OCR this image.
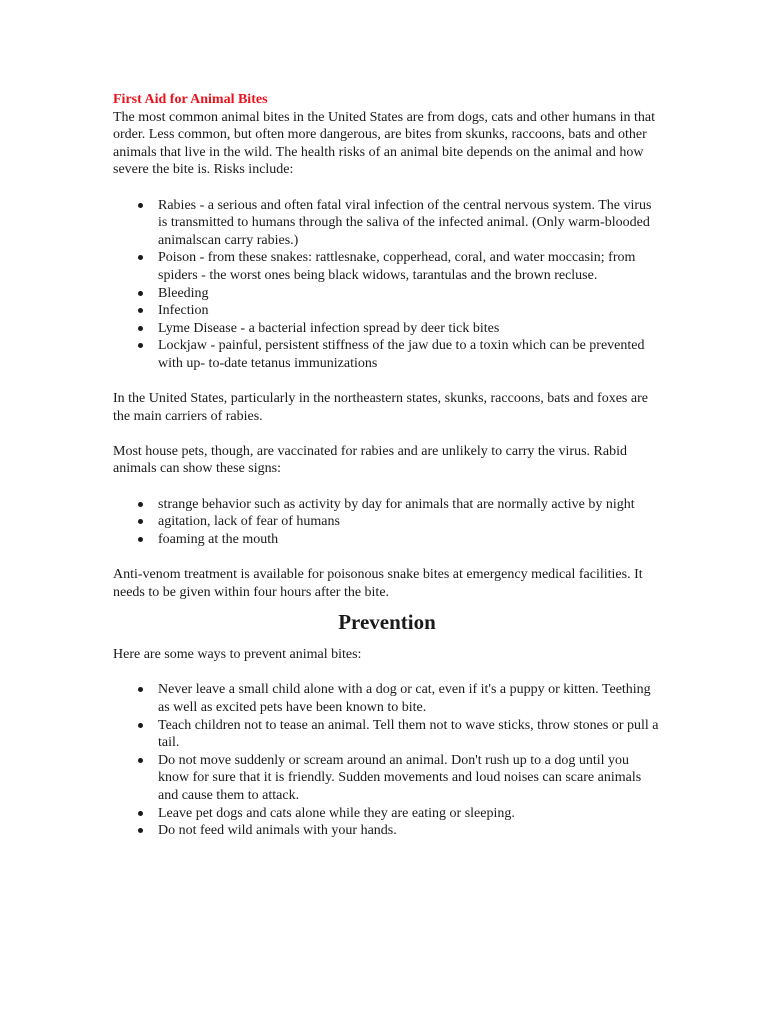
First Aid for Animal Bites

The most common animal bites in the United States are from dogs, cats and other humans in that order. Less common, but often more dangerous, are bites from skunks, raccoons, bats and other animals that live in the wild. The health risks of an animal bite depends on the animal and how severe the bite is. Risks include:

Rabies - a serious and often fatal viral infection of the central nervous system. The virus is transmitted to humans through the saliva of the infected animal. (Only warm-blooded animalscan carry rabies.)
Poison - from these snakes: rattlesnake, copperhead, coral, and water moccasin; from spiders - the worst ones being black widows, tarantulas and the brown recluse.
Bleeding
Infection
Lyme Disease - a bacterial infection spread by deer tick bites
Lockjaw - painful, persistent stiffness of the jaw due to a toxin which can be prevented with up- to-date tetanus immunizations

In the United States, particularly in the northeastern states, skunks, raccoons, bats and foxes are the main carriers of rabies.

Most house pets, though, are vaccinated for rabies and are unlikely to carry the virus. Rabid animals can show these signs:

strange behavior such as activity by day for animals that are normally active by night
agitation, lack of fear of humans
foaming at the mouth

Anti-venom treatment is available for poisonous snake bites at emergency medical facilities. It needs to be given within four hours after the bite.

Prevention

Here are some ways to prevent animal bites:

Never leave a small child alone with a dog or cat, even if it's a puppy or kitten. Teething as well as excited pets have been known to bite.
Teach children not to tease an animal. Tell them not to wave sticks, throw stones or pull a tail.
Do not move suddenly or scream around an animal. Don't rush up to a dog until you know for sure that it is friendly. Sudden movements and loud noises can scare animals and cause them to attack.
Leave pet dogs and cats alone while they are eating or sleeping.
Do not feed wild animals with your hands.
